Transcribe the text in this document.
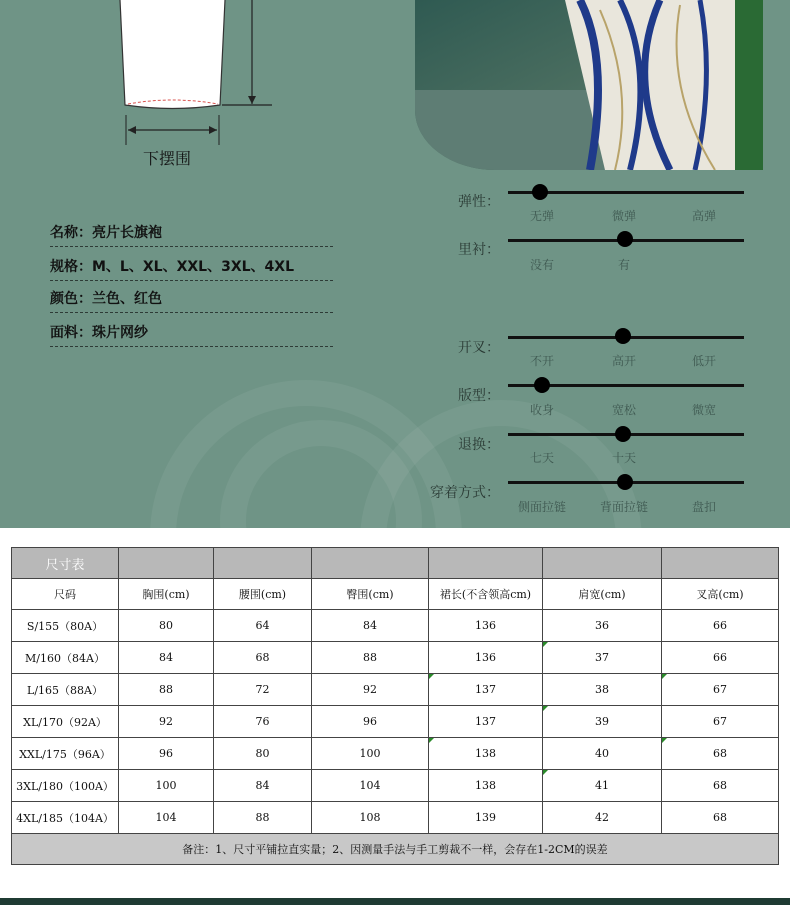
下摆围
名称：亮片长旗袍
规格：M、L、XL、XXL、3XL、4XL
颜色：兰色、红色
面料：珠片网纱
弹性：
无弹	微弹	高弹
里衬：
没有	有
开叉：
不开	高开	低开
版型：
收身	宽松	微宽
退换：
七天	十天
穿着方式：
侧面拉链	背面拉链	盘扣
尺寸表						
尺码	胸围(cm)	腰围(cm)	臀围(cm)	裙长(不含领高cm)	肩宽(cm)	叉高(cm)
S/155（80A）	80	64	84	136	36	66
M/160（84A）	84	68	88	136	37	66
L/165（88A）	88	72	92	137	38	67
XL/170（92A）	92	76	96	137	39	67
XXL/175（96A）	96	80	100	138	40	68
3XL/180（100A）	100	84	104	138	41	68
4XL/185（104A）	104	88	108	139	42	68
备注：1、尺寸平铺拉直实量；2、因测量手法与手工剪裁不一样，会存在1-2CM的误差						
